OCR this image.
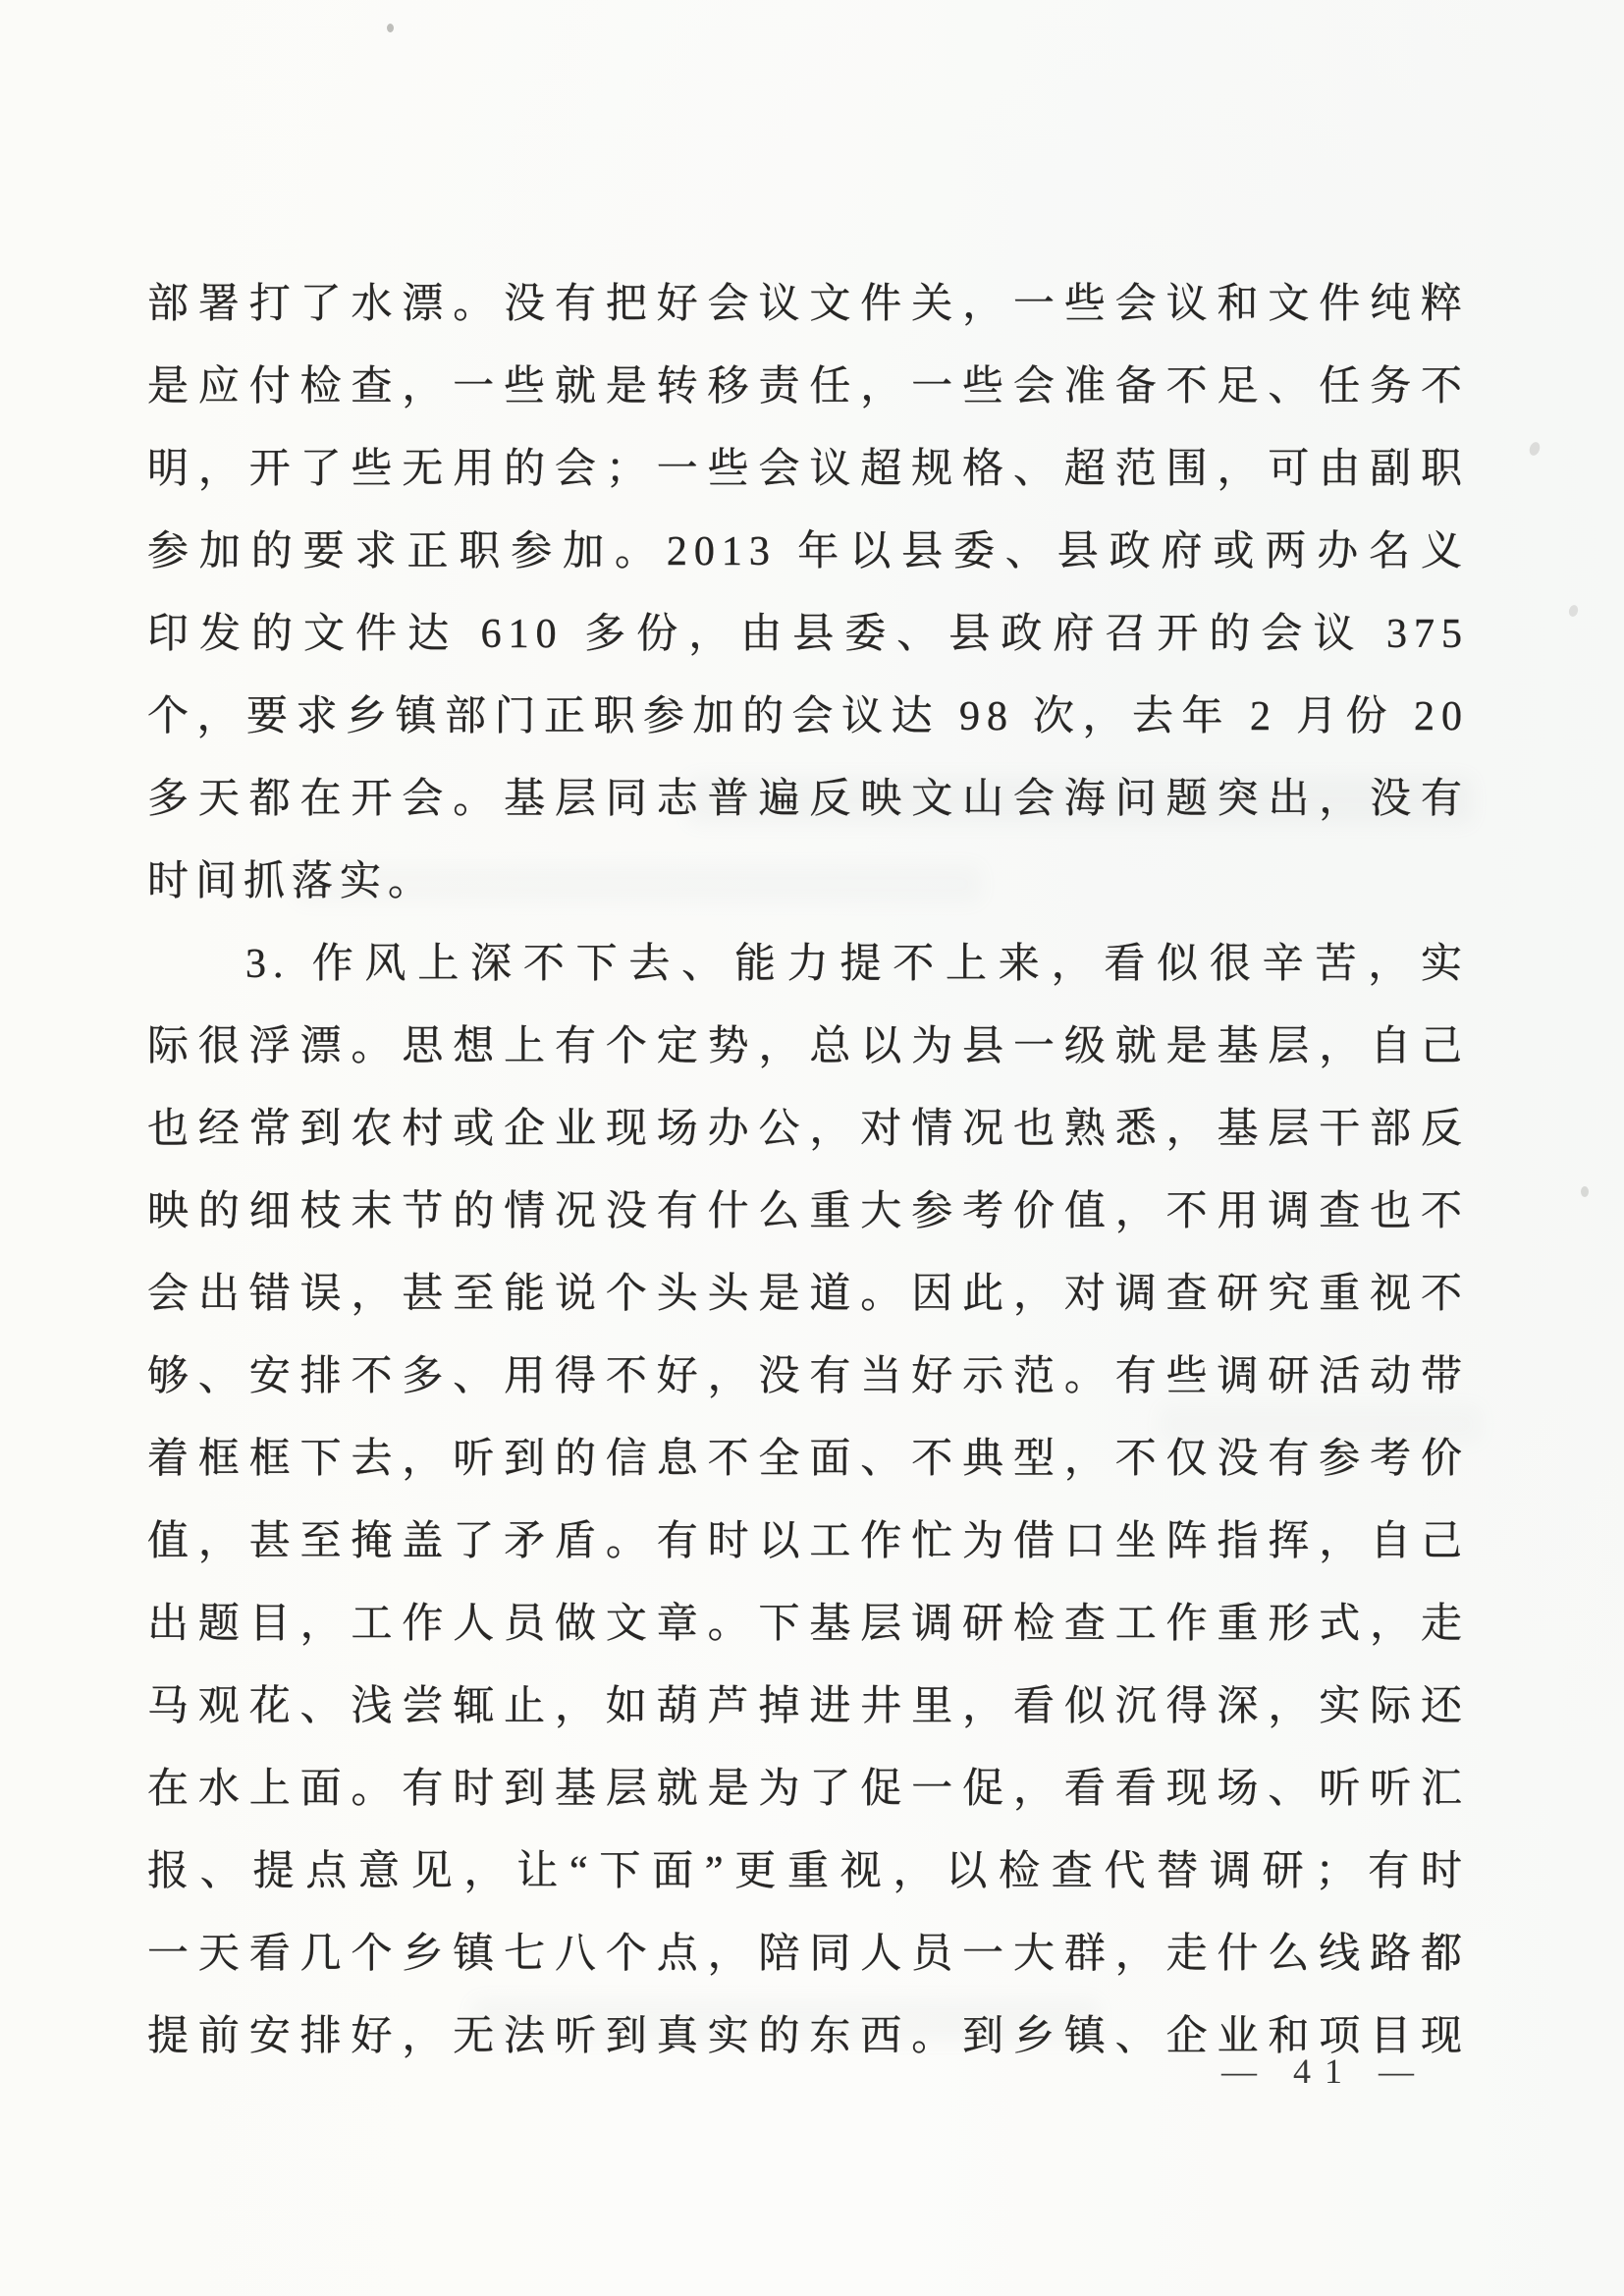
部署打了水漂。没有把好会议文件关，一些会议和文件纯粹
是应付检查，一些就是转移责任，一些会准备不足、任务不
明，开了些无用的会；一些会议超规格、超范围，可由副职
参加的要求正职参加。2013 年以县委、县政府或两办名义
印发的文件达 610 多份，由县委、县政府召开的会议 375
个，要求乡镇部门正职参加的会议达 98 次，去年 2 月份 20
多天都在开会。基层同志普遍反映文山会海问题突出，没有
时间抓落实。
3. 作风上深不下去、能力提不上来，看似很辛苦，实
际很浮漂。思想上有个定势，总以为县一级就是基层，自己
也经常到农村或企业现场办公，对情况也熟悉，基层干部反
映的细枝末节的情况没有什么重大参考价值，不用调查也不
会出错误，甚至能说个头头是道。因此，对调查研究重视不
够、安排不多、用得不好，没有当好示范。有些调研活动带
着框框下去，听到的信息不全面、不典型，不仅没有参考价
值，甚至掩盖了矛盾。有时以工作忙为借口坐阵指挥，自己
出题目，工作人员做文章。下基层调研检查工作重形式，走
马观花、浅尝辄止，如葫芦掉进井里，看似沉得深，实际还
在水上面。有时到基层就是为了促一促，看看现场、听听汇
报、提点意见，让“下面”更重视，以检查代替调研；有时
一天看几个乡镇七八个点，陪同人员一大群，走什么线路都
提前安排好，无法听到真实的东西。到乡镇、企业和项目现
— 41 —
